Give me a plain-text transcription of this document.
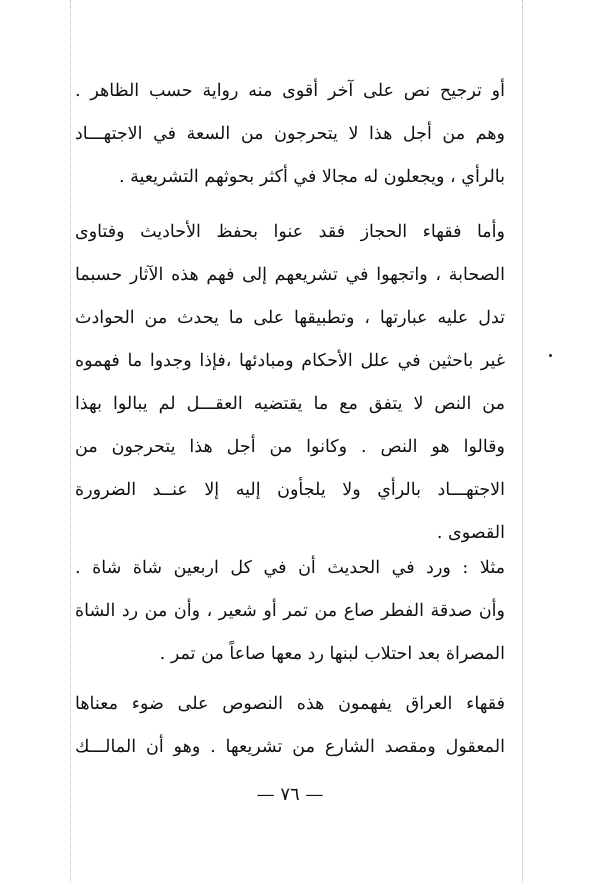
أو ترجيح نص على آخر أقوى منه رواية حسب الظاهر .
وهم من أجل هذا لا يتحرجون من السعة في الاجتهـــاد
بالرأي ، ويجعلون له مجالا في أكثر بحوثهم التشريعية .
وأما فقهاء الحجاز فقد عنوا بحفظ الأحاديث وفتاوى
الصحابة ، واتجهوا في تشريعهم إلى فهم هذه الآثار حسبما
تدل عليه عبارتها ، وتطبيقها على ما يحدث من الحوادث
غير باحثين في علل الأحكام ومبادئها ،فإذا وجدوا ما فهموه
من النص لا يتفق مع ما يقتضيه العقـــل لم يبالوا بهذا
وقالوا هو النص . وكانوا من أجل هذا يتحرجون من
الاجتهـــاد بالرأي ولا يلجأون إليه إلا عنــد الضرورة
القصوى .
مثلا : ورد في الحديث أن في كل اربعين شاة شاة .
وأن صدقة الفطر صاع من تمر أو شعير ، وأن من رد الشاة
المصراة بعد احتلاب لبنها رد معها صاعاً من تمر .
فقهاء العراق يفهمون هذه النصوص على ضوء معناها
المعقول ومقصد الشارع من تشريعها . وهو أن المالـــك
— ٧٦ —
